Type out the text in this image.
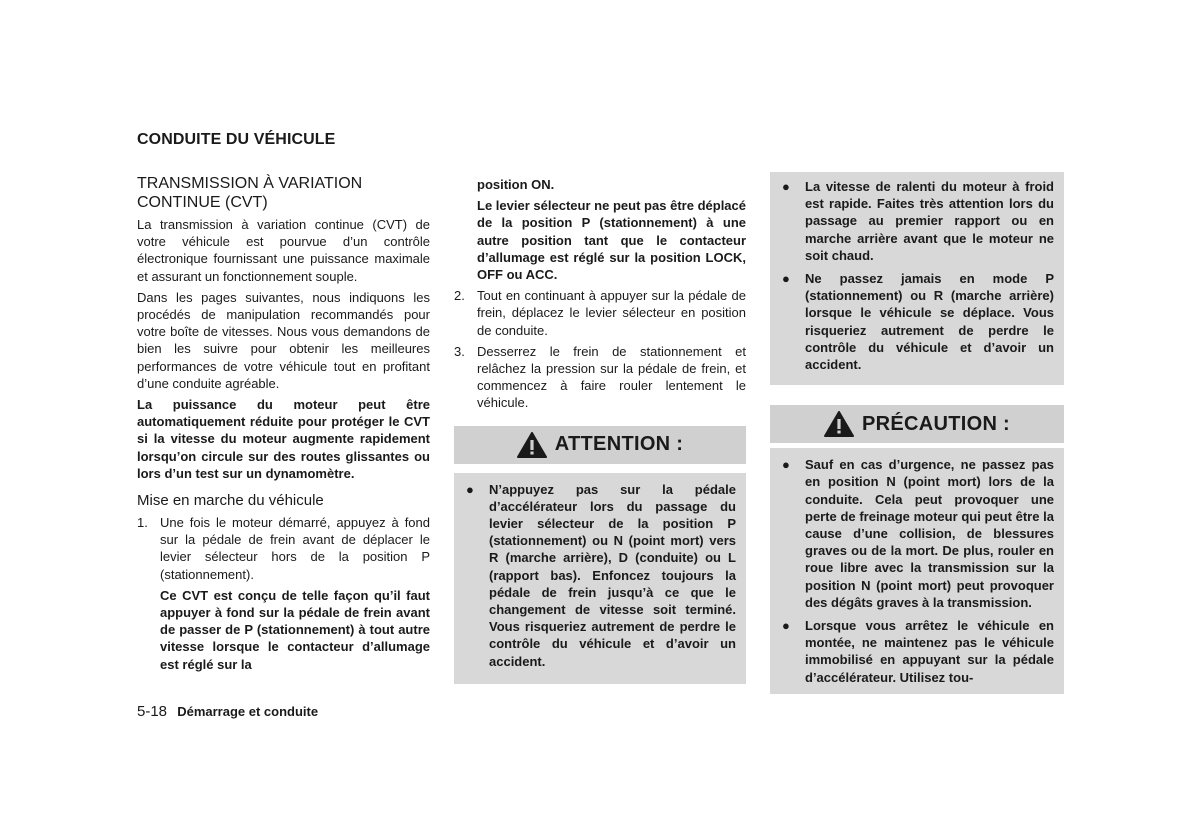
CONDUITE DU VÉHICULE
TRANSMISSION À VARIATION CONTINUE (CVT)

La transmission à variation continue (CVT) de votre véhicule est pourvue d’un contrôle électronique fournissant une puissance maximale et assurant un fonctionnement souple.

Dans les pages suivantes, nous indiquons les procédés de manipulation recommandés pour votre boîte de vitesses. Nous vous demandons de bien les suivre pour obtenir les meilleures performances de votre véhicule tout en profitant d’une conduite agréable.

La puissance du moteur peut être automatiquement réduite pour protéger le CVT si la vitesse du moteur augmente rapidement lorsqu’on circule sur des routes glissantes ou lors d’un test sur un dynamomètre.

Mise en marche du véhicule
1. Une fois le moteur démarré, appuyez à fond sur la pédale de frein avant de déplacer le levier sélecteur hors de la position P (stationnement).

Ce CVT est conçu de telle façon qu’il faut appuyer à fond sur la pédale de frein avant de passer de P (stationnement) à tout autre vitesse lorsque le contacteur d’allumage est réglé sur la

position ON.

Le levier sélecteur ne peut pas être déplacé de la position P (stationnement) à une autre position tant que le contacteur d’allumage est réglé sur la position LOCK, OFF ou ACC.

2. Tout en continuant à appuyer sur la pédale de frein, déplacez le levier sélecteur en position de conduite.
3. Desserrez le frein de stationnement et relâchez la pression sur la pédale de frein, et commencez à faire rouler lentement le véhicule.
ATTENTION :
● N’appuyez pas sur la pédale d’accélérateur lors du passage du levier sélecteur de la position P (stationnement) ou N (point mort) vers R (marche arrière), D (conduite) ou L (rapport bas). Enfoncez toujours la pédale de frein jusqu’à ce que le changement de vitesse soit terminé. Vous risqueriez autrement de perdre le contrôle du véhicule et d’avoir un accident.
● La vitesse de ralenti du moteur à froid est rapide. Faites très attention lors du passage au premier rapport ou en marche arrière avant que le moteur ne soit chaud.
● Ne passez jamais en mode P (stationnement) ou R (marche arrière) lorsque le véhicule se déplace. Vous risqueriez autrement de perdre le contrôle du véhicule et d’avoir un accident.
PRÉCAUTION :
● Sauf en cas d’urgence, ne passez pas en position N (point mort) lors de la conduite. Cela peut provoquer une perte de freinage moteur qui peut être la cause d’une collision, de blessures graves ou de la mort. De plus, rouler en roue libre avec la transmission sur la position N (point mort) peut provoquer des dégâts graves à la transmission.
● Lorsque vous arrêtez le véhicule en montée, ne maintenez pas le véhicule immobilisé en appuyant sur la pédale d’accélérateur. Utilisez tou-
5-18 Démarrage et conduite
